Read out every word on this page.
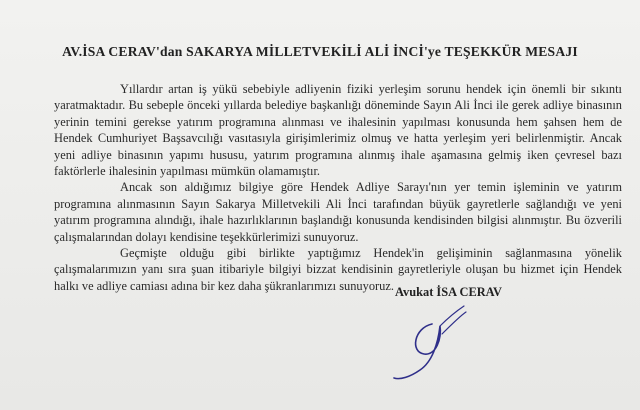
AV.İSA CERAV'dan SAKARYA MİLLETVEKİLİ ALİ İNCİ'ye TEŞEKKÜR MESAJI

Yıllardır artan iş yükü sebebiyle adliyenin fiziki yerleşim sorunu hendek için önemli bir sıkıntı yaratmaktadır. Bu sebeple önceki yıllarda belediye başkanlığı döneminde Sayın Ali İnci ile gerek adliye binasının yerinin temini gerekse yatırım programına alınması ve ihalesinin yapılması konusunda hem şahsen hem de Hendek Cumhuriyet Başsavcılığı vasıtasıyla girişimlerimiz olmuş ve hatta yerleşim yeri belirlenmiştir. Ancak yeni adliye binasının yapımı hususu, yatırım programına alınmış ihale aşamasına gelmiş iken çevresel bazı faktörlerle ihalesinin yapılması mümkün olamamıştır.

Ancak son aldığımız bilgiye göre Hendek Adliye Sarayı'nın yer temin işleminin ve yatırım programına alınmasının Sayın Sakarya Milletvekili Ali İnci tarafından büyük gayretlerle sağlandığı ve yeni yatırım programına alındığı, ihale hazırlıklarının başlandığı konusunda kendisinden bilgisi alınmıştır. Bu özverili çalışmalarından dolayı kendisine teşekkürlerimizi sunuyoruz.

Geçmişte olduğu gibi birlikte yaptığımız Hendek'in gelişiminin sağlanmasına yönelik çalışmalarımızın yanı sıra şuan itibariyle bilgiyi bizzat kendisinin gayretleriyle oluşan bu hizmet için Hendek halkı ve adliye camiası adına bir kez daha şükranlarımızı sunuyoruz. Avukat İSA CERAV
